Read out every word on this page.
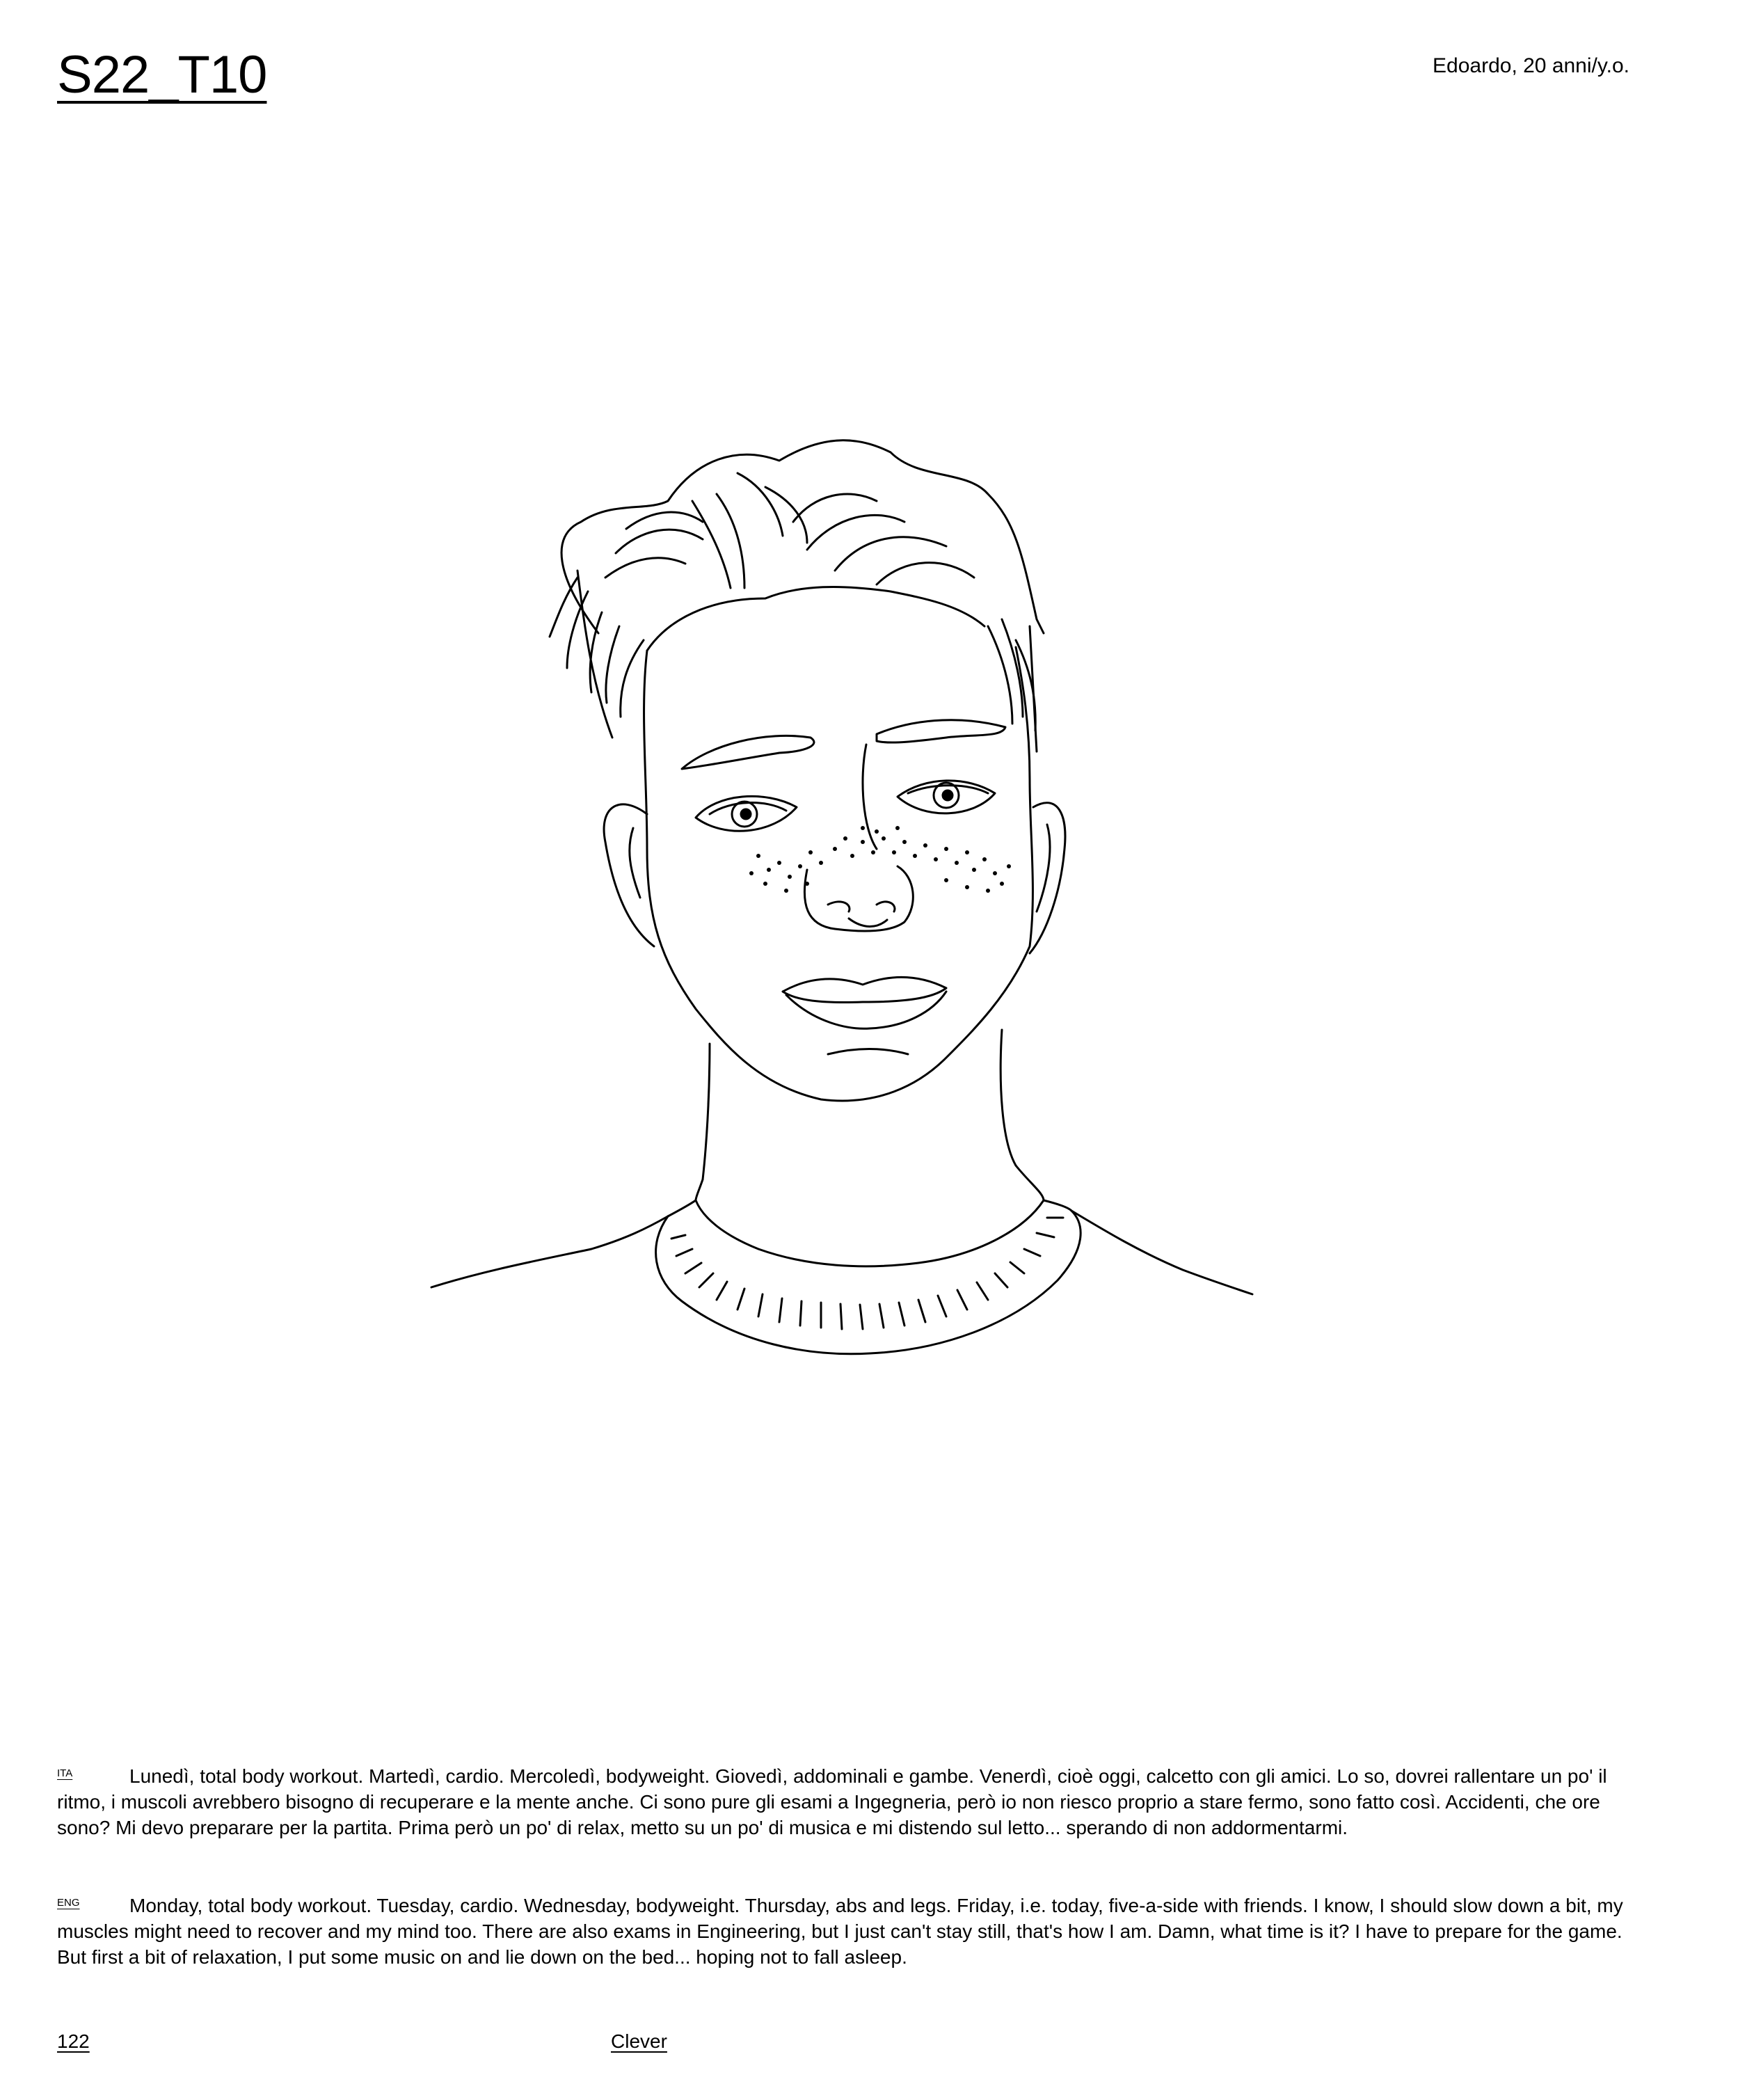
S22_T10	Edoardo, 20 anni/y.o.
ITA	Lunedì, total body workout. Martedì, cardio. Mercoledì, bodyweight. Giovedì, addominali e gambe. Venerdì, cioè oggi, calcetto con gli amici. Lo so, dovrei rallentare un po' il ritmo, i muscoli avrebbero bisogno di recuperare e la mente anche. Ci sono pure gli esami a Ingegneria, però io non riesco proprio a stare fermo, sono fatto così. Accidenti, che ore sono? Mi devo preparare per la partita. Prima però un po' di relax, metto su un po' di musica e mi distendo sul letto... sperando di non addormentarmi.
ENG	Monday, total body workout. Tuesday, cardio. Wednesday, bodyweight. Thursday, abs and legs. Friday, i.e. today, five-a-side with friends. I know, I should slow down a bit, my muscles might need to recover and my mind too. There are also exams in Engineering, but I just can't stay still, that's how I am. Damn, what time is it? I have to prepare for the game. But first a bit of relaxation, I put some music on and lie down on the bed... hoping not to fall asleep.
122	Clever
